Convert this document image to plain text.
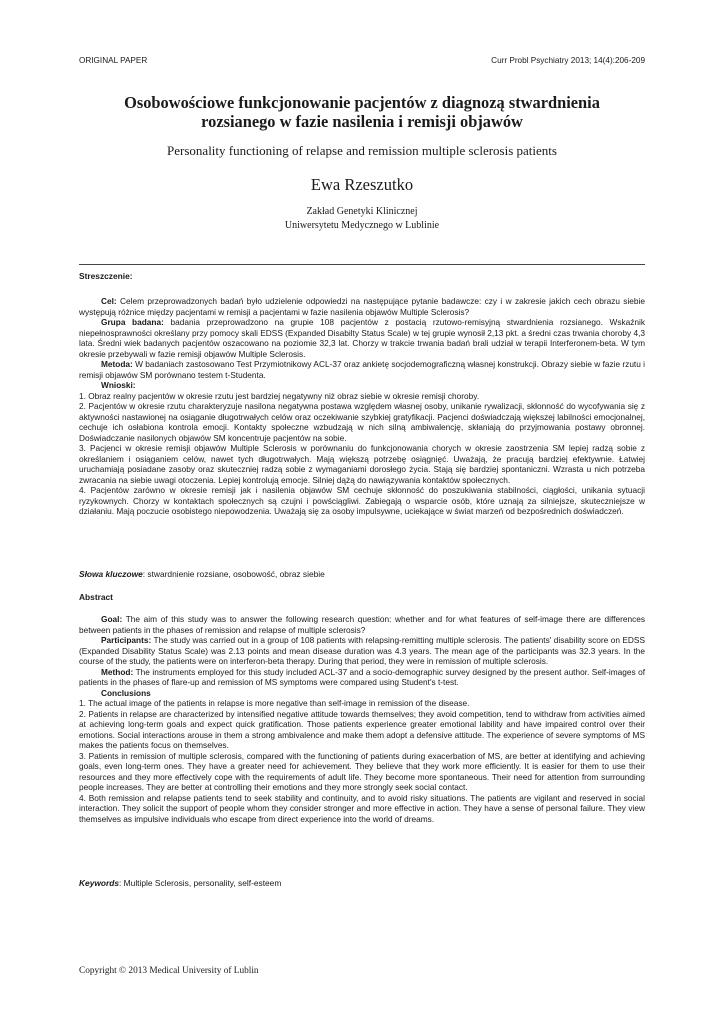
ORIGINAL PAPER	Curr Probl Psychiatry 2013; 14(4):206-209
Osobowościowe funkcjonowanie pacjentów z diagnozą stwardnienia
rozsianego w fazie nasilenia i remisji objawów
Personality functioning of relapse and remission multiple sclerosis patients
Ewa Rzeszutko
Zakład Genetyki Klinicznej
Uniwersytetu Medycznego w Lublinie
Streszczenie:

Cel: Celem przeprowadzonych badań było udzielenie odpowiedzi na następujące pytanie badawcze: czy i w zakresie jakich cech obrazu siebie występują różnice między pacjentami w remisji a pacjentami w fazie nasilenia objawów Multiple Sclerosis?

Grupa badana: badania przeprowadzono na grupie 108 pacjentów z postacią rzutowo-remisyjną stwardnienia rozsianego. Wskaźnik niepełnosprawności określany przy pomocy skali EDSS (Expanded Disabilty Status Scale) w tej grupie wynosił 2,13 pkt. a średni czas trwania choroby 4,3 lata. Średni wiek badanych pacjentów oszacowano na poziomie 32,3 lat. Chorzy w trakcie trwania badań brali udział w terapii Interferonem-beta. W tym okresie przebywali w fazie remisji objawów Multiple Sclerosis.

Metoda: W badaniach zastosowano Test Przymiotnikowy ACL-37 oraz ankietę socjodemograficzną własnej konstrukcji. Obrazy siebie w fazie rzutu i remisji objawów SM porównano testem t-Studenta.

Wnioski:

1. Obraz realny pacjentów w okresie rzutu jest bardziej negatywny niż obraz siebie w okresie remisji choroby.

2. Pacjentów w okresie rzutu charakteryzuje nasilona negatywna postawa względem własnej osoby, unikanie rywalizacji, skłonność do wycofywania się z aktywności nastawionej na osiąganie długotrwałych celów oraz oczekiwanie szybkiej gratyfikacji. Pacjenci doświadczają większej labilności emocjonalnej, cechuje ich osłabiona kontrola emocji. Kontakty społeczne wzbudzają w nich silną ambiwalencję, skłaniają do przyjmowania postawy obronnej. Doświadczanie nasilonych objawów SM koncentruje pacjentów na sobie.

3. Pacjenci w okresie remisji objawów Multiple Sclerosis w porównaniu do funkcjonowania chorych w okresie zaostrzenia SM lepiej radzą sobie z określaniem i osiąganiem celów, nawet tych długotrwałych. Mają większą potrzebę osiągnięć. Uważają, że pracują bardziej efektywnie. Łatwiej uruchamiają posiadane zasoby oraz skuteczniej radzą sobie z wymaganiami dorosłego życia. Stają się bardziej spontaniczni. Wzrasta u nich potrzeba zwracania na siebie uwagi otoczenia. Lepiej kontrolują emocje. Silniej dążą do nawiązywania kontaktów społecznych.

4. Pacjentów zarówno w okresie remisji jak i nasilenia objawów SM cechuje skłonność do poszukiwania stabilności, ciągłości, unikania sytuacji ryzykownych. Chorzy w kontaktach społecznych są czujni i powściągliwi. Zabiegają o wsparcie osób, które uznają za silniejsze, skuteczniejsze w działaniu. Mają poczucie osobistego niepowodzenia. Uważają się za osoby impulsywne, uciekające w świat marzeń od bezpośrednich doświadczeń.

Słowa kluczowe: stwardnienie rozsiane, osobowość, obraz siebie
Abstract

Goal: The aim of this study was to answer the following research question: whether and for what features of self-image there are differences between patients in the phases of remission and relapse of multiple sclerosis?

Participants: The study was carried out in a group of 108 patients with relapsing-remitting multiple sclerosis. The patients' disability score on EDSS (Expanded Disability Status Scale) was 2.13 points and mean disease duration was 4.3 years. The mean age of the participants was 32.3 years. In the course of the study, the patients were on interferon-beta therapy. During that period, they were in remission of multiple sclerosis.

Method: The instruments employed for this study included ACL-37 and a socio-demographic survey designed by the present author. Self-images of patients in the phases of flare-up and remission of MS symptoms were compared using Student's t-test.

Conclusions

1. The actual image of the patients in relapse is more negative than self-image in remission of the disease.

2. Patients in relapse are characterized by intensified negative attitude towards themselves; they avoid competition, tend to withdraw from activities aimed at achieving long-term goals and expect quick gratification. Those patients experience greater emotional lability and have impaired control over their emotions. Social interactions arouse in them a strong ambivalence and make them adopt a defensive attitude. The experience of severe symptoms of MS makes the patients focus on themselves.

3. Patients in remission of multiple sclerosis, compared with the functioning of patients during exacerbation of MS, are better at identifying and achieving goals, even long-term ones. They have a greater need for achievement. They believe that they work more efficiently. It is easier for them to use their resources and they more effectively cope with the requirements of adult life. They become more spontaneous. Their need for attention from surrounding people increases. They are better at controlling their emotions and they more strongly seek social contact.

4. Both remission and relapse patients tend to seek stability and continuity, and to avoid risky situations. The patients are vigilant and reserved in social interaction. They solicit the support of people whom they consider stronger and more effective in action. They have a sense of personal failure. They view themselves as impulsive individuals who escape from direct experience into the world of dreams.

Keywords: Multiple Sclerosis, personality, self-esteem
Copyright © 2013 Medical University of Lublin
